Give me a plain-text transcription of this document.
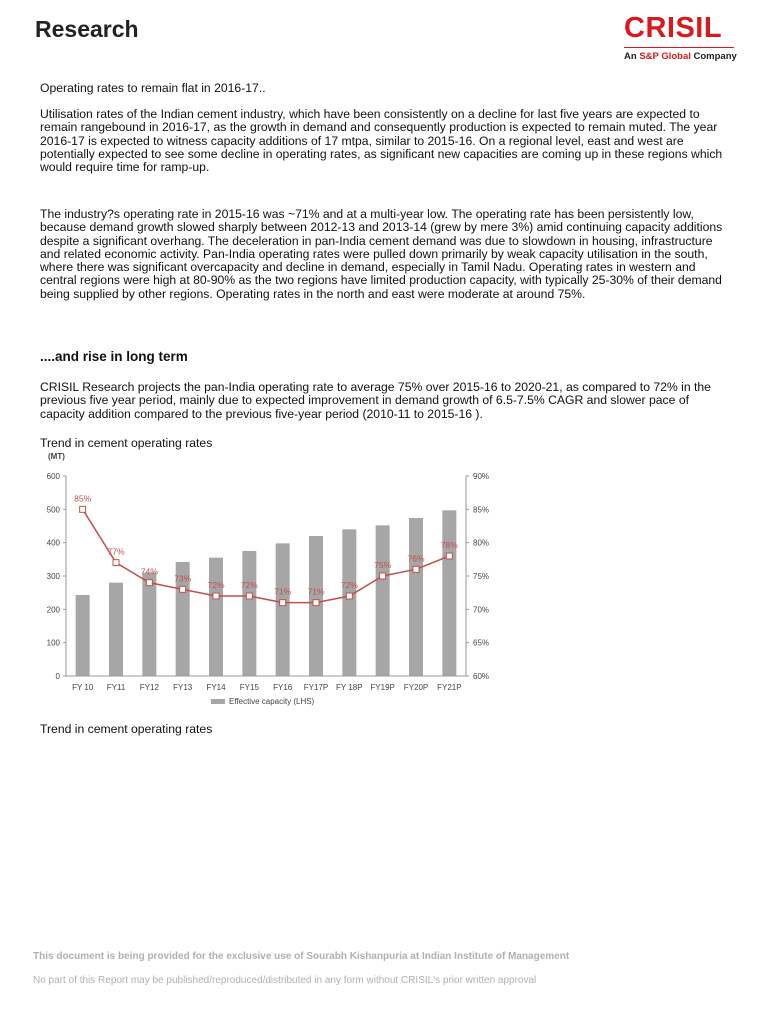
Research	CRISIL
An S&P Global Company
Operating rates to remain flat in 2016-17..
Utilisation rates of the Indian cement industry, which have been consistently on a decline for last five years are expected to remain rangebound in 2016-17, as the growth in demand and consequently production is expected to remain muted. The year 2016-17 is expected to witness capacity additions of 17 mtpa, similar to 2015-16. On a regional level, east and west are potentially expected to see some decline in operating rates, as significant new capacities are coming up in these regions which would require time for ramp-up.
The industry?s operating rate in 2015-16 was ~71% and at a multi-year low. The operating rate has been persistently low, because demand growth slowed sharply between 2012-13 and 2013-14 (grew by mere 3%) amid continuing capacity additions despite a significant overhang. The deceleration in pan-India cement demand was due to slowdown in housing, infrastructure and related economic activity. Pan-India operating rates were pulled down primarily by weak capacity utilisation in the south, where there was significant overcapacity and decline in demand, especially in Tamil Nadu. Operating rates in western and central regions were high at 80-90% as the two regions have limited production capacity, with typically 25-30% of their demand being supplied by other regions. Operating rates in the north and east were moderate at around 75%.
....and rise in long term
CRISIL Research projects the pan-India operating rate to average 75% over 2015-16 to 2020-21, as compared to 72% in the previous five year period, mainly due to expected improvement in demand growth of 6.5-7.5% CAGR and slower pace of capacity addition compared to the previous five-year period (2010-11 to 2015-16 ).
Trend in cement operating rates
85%
77%
74%
73%
72% 72%
71% 71%
72%
75%
76%
78%
0
100
200
300
400
500
600
60%
65%
70%
75%
80%
85%
90%
(MT)
FY 10 FY11 FY12 FY13 FY14 FY15 FY16 FY17P FY 18P FY19P FY20P FY21P
Effective capacity (LHS)
Trend in cement operating rates
This document is being provided for the exclusive use of Sourabh Kishanpuria at Indian Institute of Management
No part of this Report may be published/reproduced/distributed in any form without CRISIL's prior written approval
